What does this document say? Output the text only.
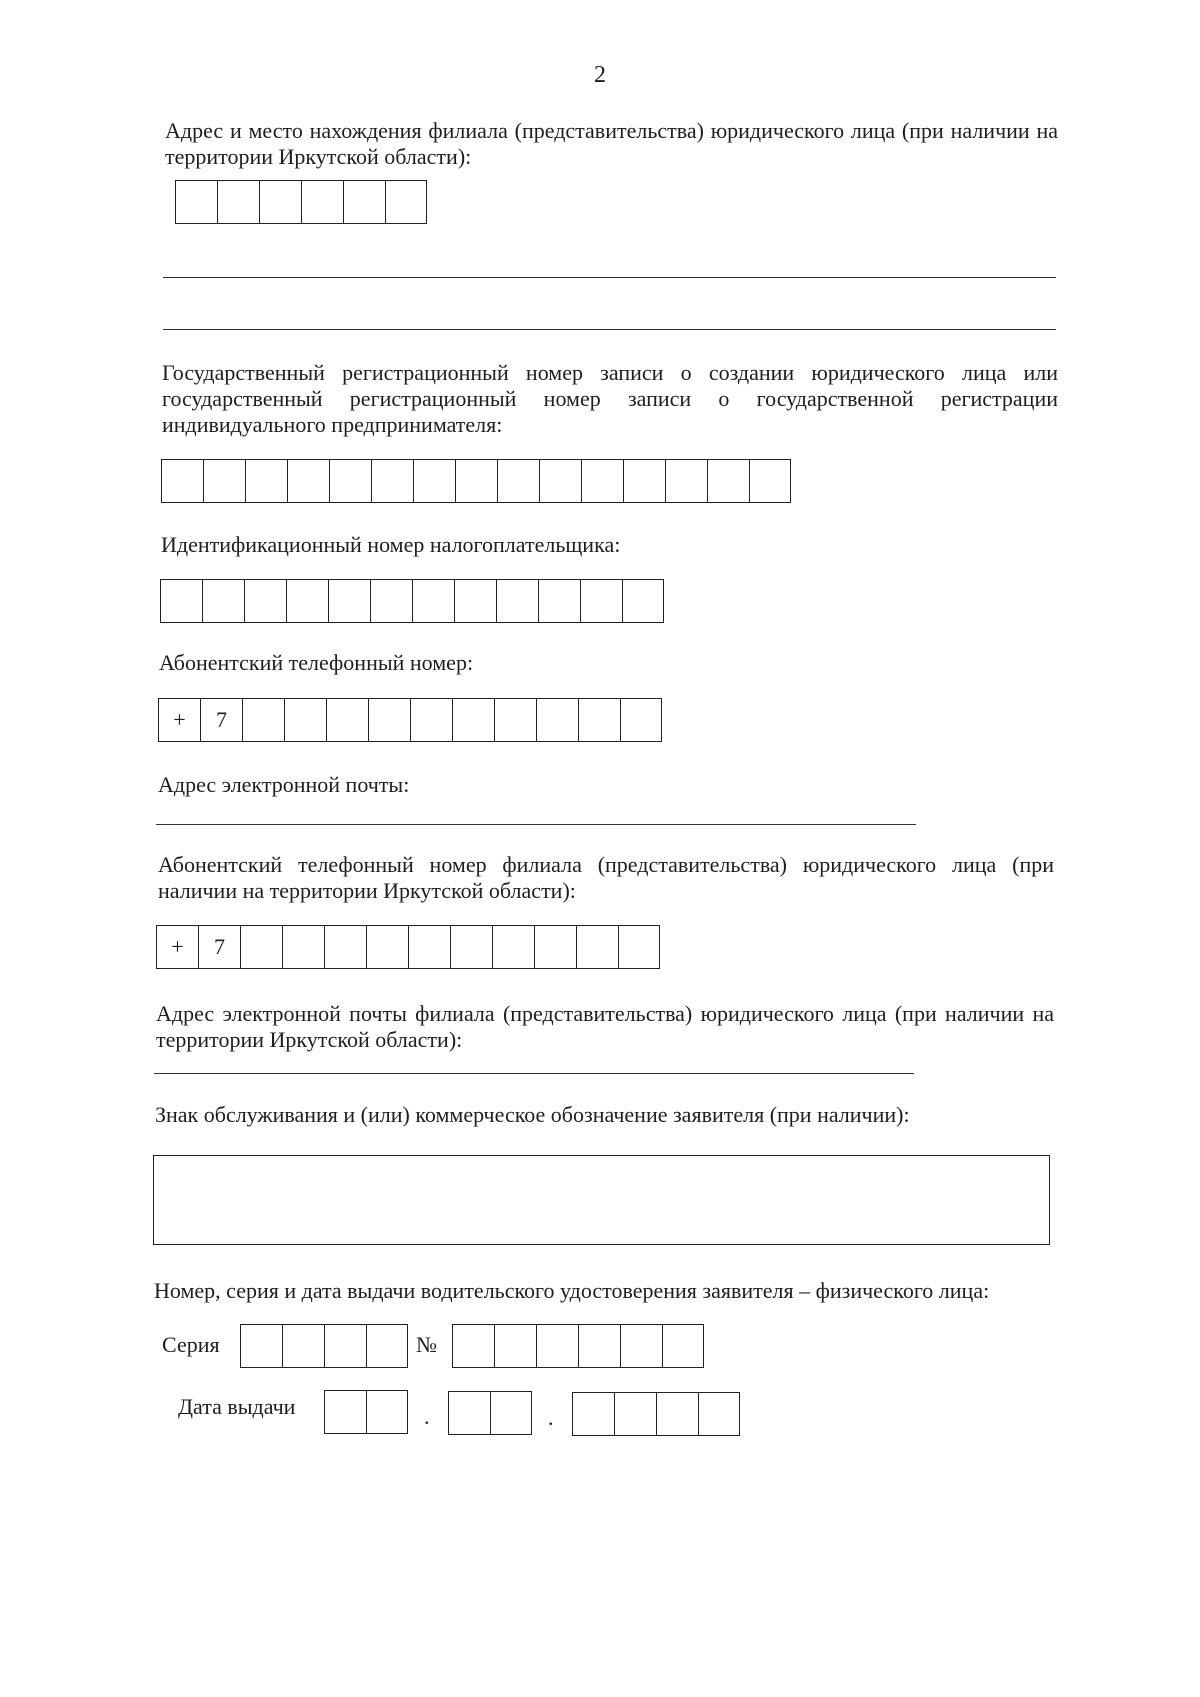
2
Адрес и место нахождения филиала (представительства) юридического лица (при наличии на
территории Иркутской области):
Государственный регистрационный номер записи о создании юридического лица или
государственный регистрационный номер записи о государственной регистрации
индивидуального предпринимателя:
Идентификационный номер налогоплательщика:
Абонентский телефонный номер:
+	7
Адрес электронной почты:
Абонентский телефонный номер филиала (представительства) юридического лица (при
наличии на территории Иркутской области):
+	7
Адрес электронной почты филиала (представительства) юридического лица (при наличии на
территории Иркутской области):
Знак обслуживания и (или) коммерческое обозначение заявителя (при наличии):
Номер, серия и дата выдачи водительского удостоверения заявителя – физического лица:
Серия	№
Дата выдачи	.	.
